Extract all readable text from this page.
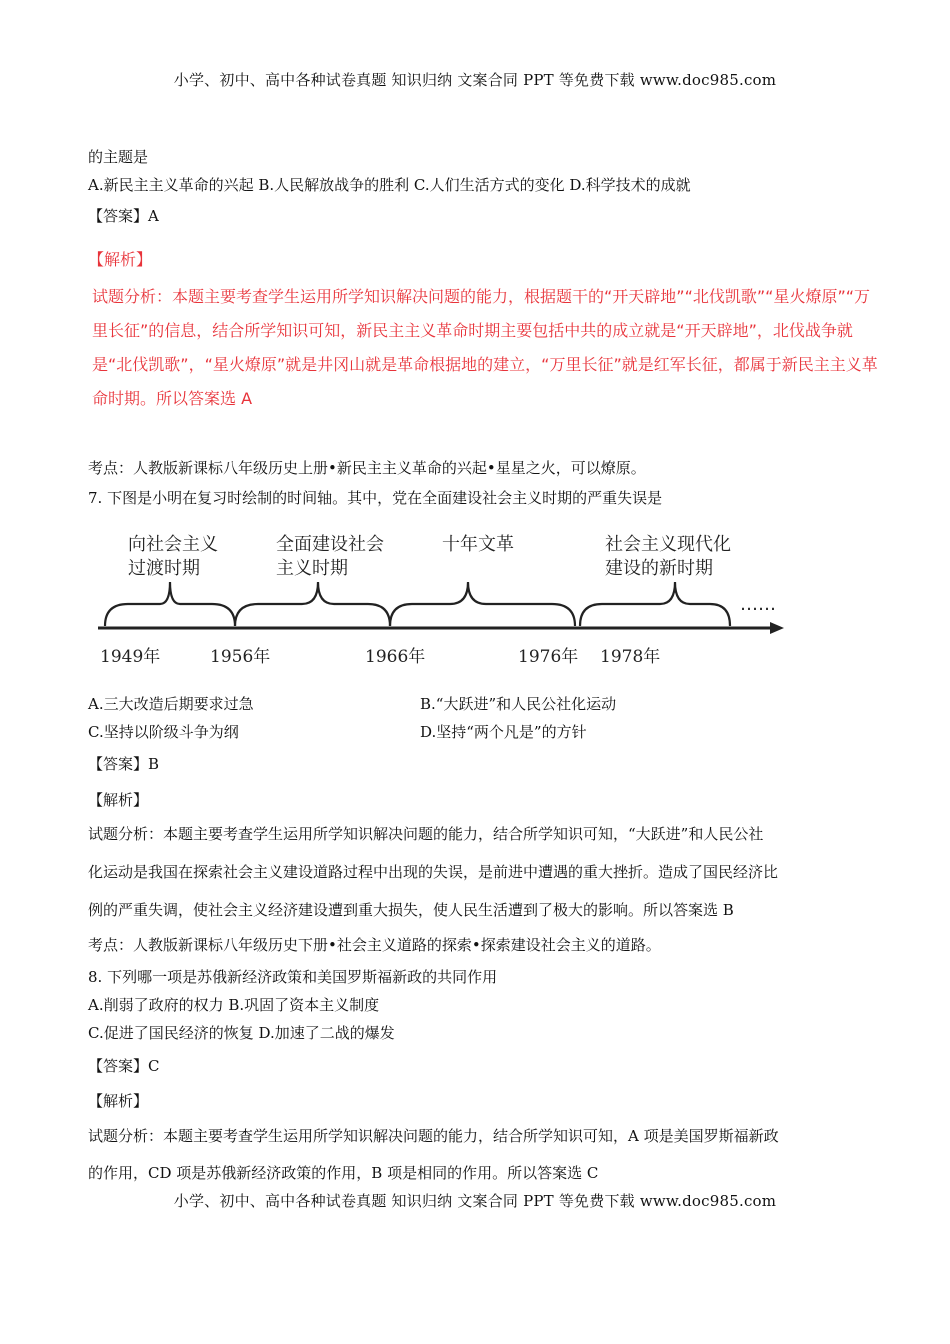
小学、初中、高中各种试卷真题 知识归纳 文案合同 PPT 等免费下载 www.doc985.com
的主题是
A.新民主主义革命的兴起 B.人民解放战争的胜利 C.人们生活方式的变化 D.科学技术的成就
【答案】A
【解析】
试题分析：本题主要考查学生运用所学知识解决问题的能力，根据题干的“开天辟地”“北伐凯歌”“星火燎原”“万里长征”的信息，结合所学知识可知，新民主主义革命时期主要包括中共的成立就是“开天辟地”，北伐战争就是“北伐凯歌”，“星火燎原”就是井冈山就是革命根据地的建立，“万里长征”就是红军长征，都属于新民主主义革命时期。所以答案选 A
考点：人教版新课标八年级历史上册•新民主主义革命的兴起•星星之火，可以燎原。
7. 下图是小明在复习时绘制的时间轴。其中，党在全面建设社会主义时期的严重失误是
向社会主义
过渡时期
全面建设社会
主义时期
十年文革	社会主义现代化
建设的新时期
……
1949年	1956年	1966年	1976年 1978年
A.三大改造后期要求过急	B.“大跃进”和人民公社化运动
C.坚持以阶级斗争为纲	D.坚持“两个凡是”的方针
【答案】B
【解析】
试题分析：本题主要考查学生运用所学知识解决问题的能力，结合所学知识可知，“大跃进”和人民公社
化运动是我国在探索社会主义建设道路过程中出现的失误，是前进中遭遇的重大挫折。造成了国民经济比
例的严重失调，使社会主义经济建设遭到重大损失，使人民生活遭到了极大的影响。所以答案选 B
考点：人教版新课标八年级历史下册•社会主义道路的探索•探索建设社会主义的道路。
8. 下列哪一项是苏俄新经济政策和美国罗斯福新政的共同作用
A.削弱了政府的权力 B.巩固了资本主义制度
C.促进了国民经济的恢复 D.加速了二战的爆发
【答案】C
【解析】
试题分析：本题主要考查学生运用所学知识解决问题的能力，结合所学知识可知，A 项是美国罗斯福新政
的作用，CD 项是苏俄新经济政策的作用，B 项是相同的作用。所以答案选 C
小学、初中、高中各种试卷真题 知识归纳 文案合同 PPT 等免费下载 www.doc985.com
